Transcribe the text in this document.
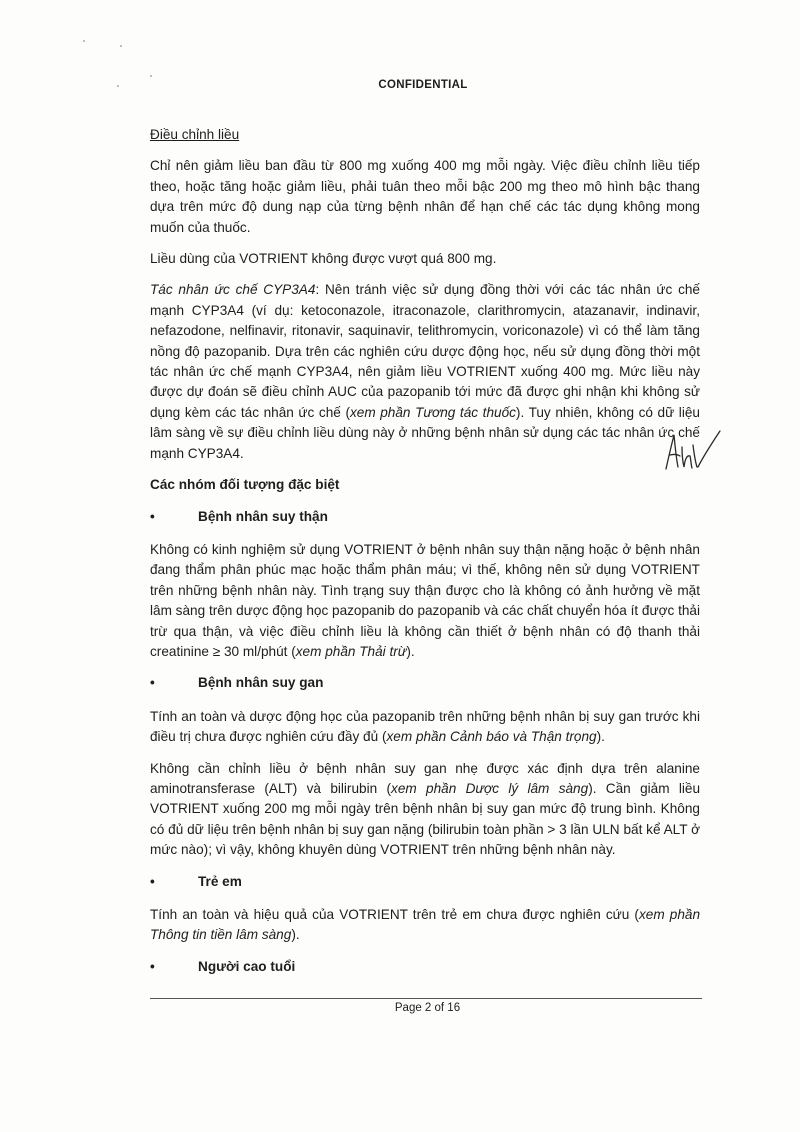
CONFIDENTIAL
Điều chỉnh liều

Chỉ nên giảm liều ban đầu từ 800 mg xuống 400 mg mỗi ngày. Việc điều chỉnh liều tiếp theo, hoặc tăng hoặc giảm liều, phải tuân theo mỗi bậc 200 mg theo mô hình bậc thang dựa trên mức độ dung nạp của từng bệnh nhân để hạn chế các tác dụng không mong muốn của thuốc.

Liều dùng của VOTRIENT không được vượt quá 800 mg.

Tác nhân ức chế CYP3A4: Nên tránh việc sử dụng đồng thời với các tác nhân ức chế mạnh CYP3A4 (ví dụ: ketoconazole, itraconazole, clarithromycin, atazanavir, indinavir, nefazodone, nelfinavir, ritonavir, saquinavir, telithromycin, voriconazole) vì có thể làm tăng nồng độ pazopanib. Dựa trên các nghiên cứu dược động học, nếu sử dụng đồng thời một tác nhân ức chế mạnh CYP3A4, nên giảm liều VOTRIENT xuống 400 mg. Mức liều này được dự đoán sẽ điều chỉnh AUC của pazopanib tới mức đã được ghi nhận khi không sử dụng kèm các tác nhân ức chế (xem phần Tương tác thuốc). Tuy nhiên, không có dữ liệu lâm sàng về sự điều chỉnh liều dùng này ở những bệnh nhân sử dụng các tác nhân ức chế mạnh CYP3A4.

Các nhóm đối tượng đặc biệt
•	Bệnh nhân suy thận

Không có kinh nghiệm sử dụng VOTRIENT ở bệnh nhân suy thận nặng hoặc ở bệnh nhân đang thẩm phân phúc mạc hoặc thẩm phân máu; vì thế, không nên sử dụng VOTRIENT trên những bệnh nhân này. Tình trạng suy thận được cho là không có ảnh hưởng về mặt lâm sàng trên dược động học pazopanib do pazopanib và các chất chuyển hóa ít được thải trừ qua thận, và việc điều chỉnh liều là không cần thiết ở bệnh nhân có độ thanh thải creatinine ≥ 30 ml/phút (xem phần Thải trừ).

•	Bệnh nhân suy gan

Tính an toàn và dược động học của pazopanib trên những bệnh nhân bị suy gan trước khi điều trị chưa được nghiên cứu đầy đủ (xem phần Cảnh báo và Thận trọng).

Không cần chỉnh liều ở bệnh nhân suy gan nhẹ được xác định dựa trên alanine aminotransferase (ALT) và bilirubin (xem phần Dược lý lâm sàng). Cần giảm liều VOTRIENT xuống 200 mg mỗi ngày trên bệnh nhân bị suy gan mức độ trung bình. Không có đủ dữ liệu trên bệnh nhân bị suy gan nặng (bilirubin toàn phần > 3 lần ULN bất kể ALT ở mức nào); vì vậy, không khuyên dùng VOTRIENT trên những bệnh nhân này.

•	Trẻ em

Tính an toàn và hiệu quả của VOTRIENT trên trẻ em chưa được nghiên cứu (xem phần Thông tin tiền lâm sàng).

•	Người cao tuổi
Page 2 of 16
